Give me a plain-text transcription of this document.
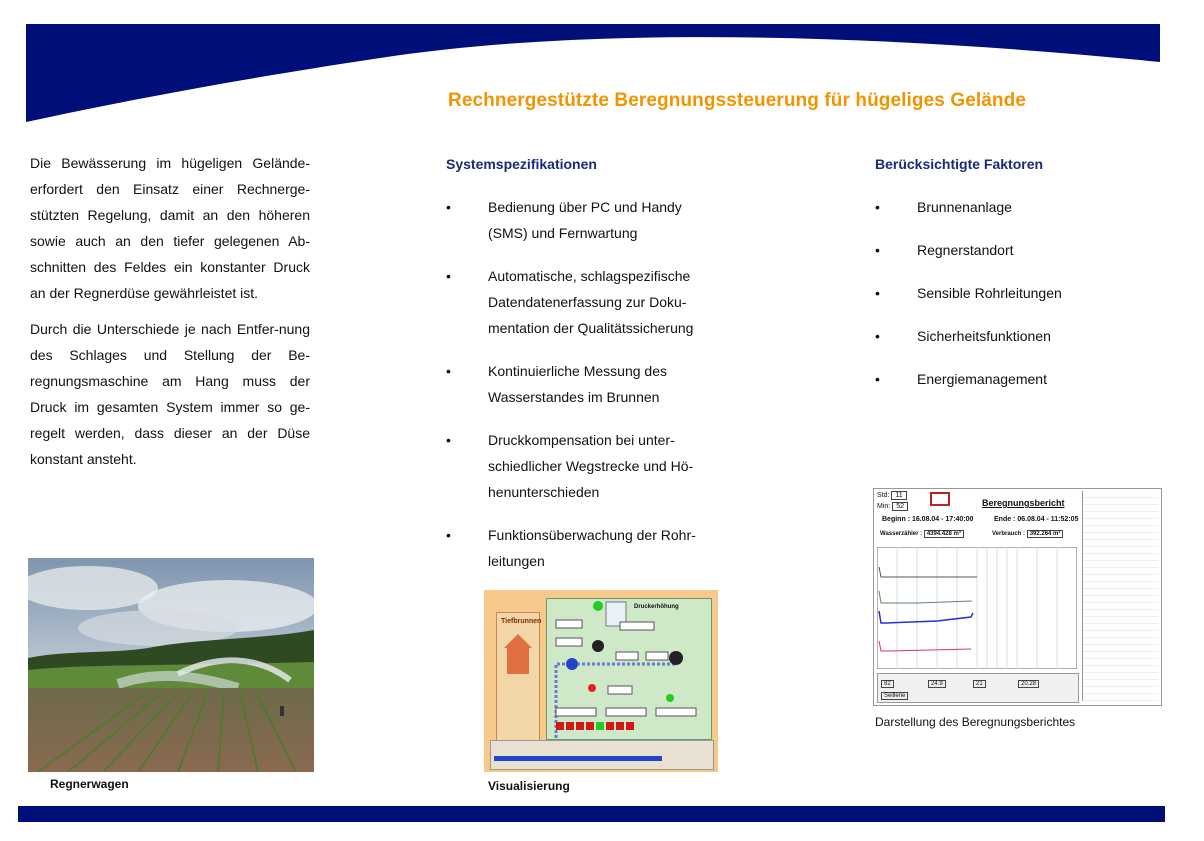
Rechnergestützte Beregnungssteuerung für hügeliges Gelände

Die Bewässerung im hügeligen Gelände-erfordert den Einsatz einer Rechnerge-stützten Regelung, damit an den höheren sowie auch an den tiefer gelegenen Ab-schnitten des Feldes ein konstanter Druck an der Regnerdüse gewährleistet ist.

Durch die Unterschiede je nach Entfer-nung des Schlages und Stellung der Be-regnungsmaschine am Hang muss der Druck im gesamten System immer so ge-regelt werden, dass dieser an der Düse konstant ansteht.

Systemspezifikationen
• Bedienung über PC und Handy (SMS) und Fernwartung
• Automatische, schlagspezifische Datendatenerfassung zur Doku-mentation der Qualitätssicherung
• Kontinuierliche Messung des Wasserstandes im Brunnen
• Druckkompensation bei unter-schiedlicher Wegstrecke und Hö-henunterschieden
• Funktionsüberwachung der Rohr-leitungen
Berücksichtigte Faktoren
• Brunnenanlage
• Regnerstandort
• Sensible Rohrleitungen
• Sicherheitsfunktionen
• Energiemanagement
Regnerwagen
Tiefbrunnen
Druckerhöhung
Visualisierung
Std: 11
Min: 52	Beregnungsbericht
Beginn : 16.08.04 - 17:40:00	Ende : 06.08.04 - 11:52:05
Wasserzähler : 4394.428 m³	Verbrauch : 392.264 m³
82	24.9	21	20.28
Seillerie
Darstellung des Beregnungsberichtes
